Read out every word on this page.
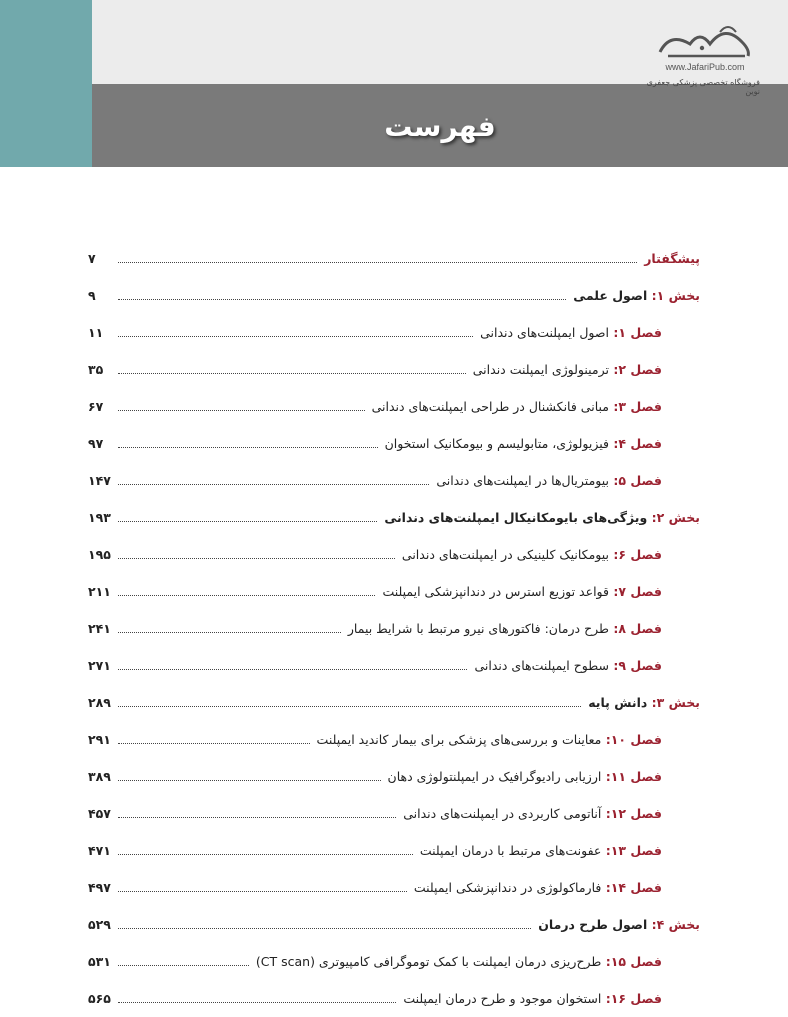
www.JafariPub.com
فروشگاه تخصصی پزشکی جعفری نوین
فهرست
پیشگفتار
۷
بخش ۱: اصول علمی
۹
فصل ۱: اصول ایمپلنت‌های دندانی
۱۱
فصل ۲: ترمینولوژی ایمپلنت دندانی
۳۵
فصل ۳: مبانی فانکشنال در طراحی ایمپلنت‌های دندانی
۶۷
فصل ۴: فیزیولوژی، متابولیسم و بیومکانیک استخوان
۹۷
فصل ۵: بیومتریال‌ها در ایمپلنت‌های دندانی
۱۴۷
بخش ۲: ویژگی‌های بایومکانیکال ایمپلنت‌های دندانی
۱۹۳
فصل ۶: بیومکانیک کلینیکی در ایمپلنت‌های دندانی
۱۹۵
فصل ۷: قواعد توزیع استرس در دندانپزشکی ایمپلنت
۲۱۱
فصل ۸: طرح درمان: فاکتورهای نیرو مرتبط با شرایط بیمار
۲۴۱
فصل ۹: سطوح ایمپلنت‌های دندانی
۲۷۱
بخش ۳: دانش پایه
۲۸۹
فصل ۱۰: معاینات و بررسی‌های پزشکی برای بیمار کاندید ایمپلنت
۲۹۱
فصل ۱۱: ارزیابی رادیوگرافیک در ایمپلنتولوژی دهان
۳۸۹
فصل ۱۲: آناتومی کاربردی در ایمپلنت‌های دندانی
۴۵۷
فصل ۱۳: عفونت‌های مرتبط با درمان ایمپلنت
۴۷۱
فصل ۱۴: فارماکولوژی در دندانپزشکی ایمپلنت
۴۹۷
بخش ۴: اصول طرح درمان
۵۲۹
فصل ۱۵: طرح‌ریزی درمان ایمپلنت با کمک توموگرافی کامپیوتری (CT scan)
۵۳۱
فصل ۱۶: استخوان موجود و طرح درمان ایمپلنت
۵۶۵
